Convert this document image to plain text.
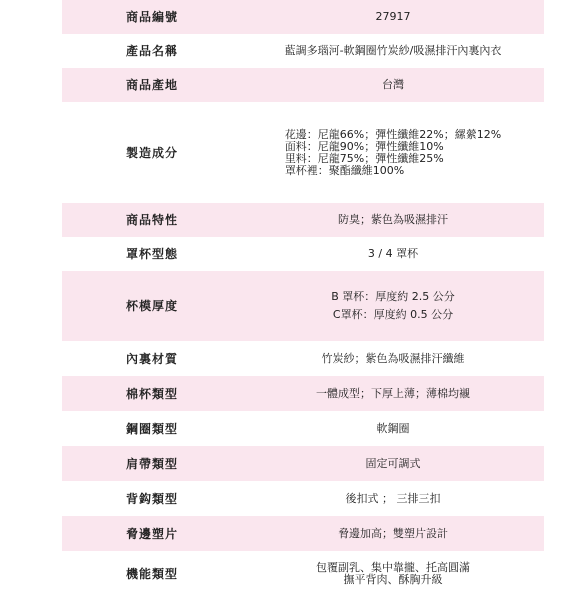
商品編號	27917

產品名稱	藍調多瑙河-軟鋼圈竹炭紗/吸濕排汗內裏內衣

商品產地	台灣

製造成分	花邊：尼龍66%；彈性纖維22%；縲縈12%
面料：尼龍90%；彈性纖維10%
里料：尼龍75%；彈性纖維25%
罩杯裡：聚酯纖維100%

商品特性	防臭；紫色為吸濕排汗

罩杯型態	3 / 4 罩杯

杯模厚度	B 罩杯：厚度約 2.5 公分
C罩杯：厚度約 0.5 公分

內裏材質	竹炭紗；紫色為吸濕排汗纖維

棉杯類型	一體成型；下厚上薄；薄棉均襯

鋼圈類型	軟鋼圈

肩帶類型	固定可調式

背鈎類型	後扣式 ； 三排三扣

脅邊塑片	脅邊加高；雙塑片設計

機能類型	包覆副乳、集中靠攏、托高圓滿
撫平背肉、酥胸升級
